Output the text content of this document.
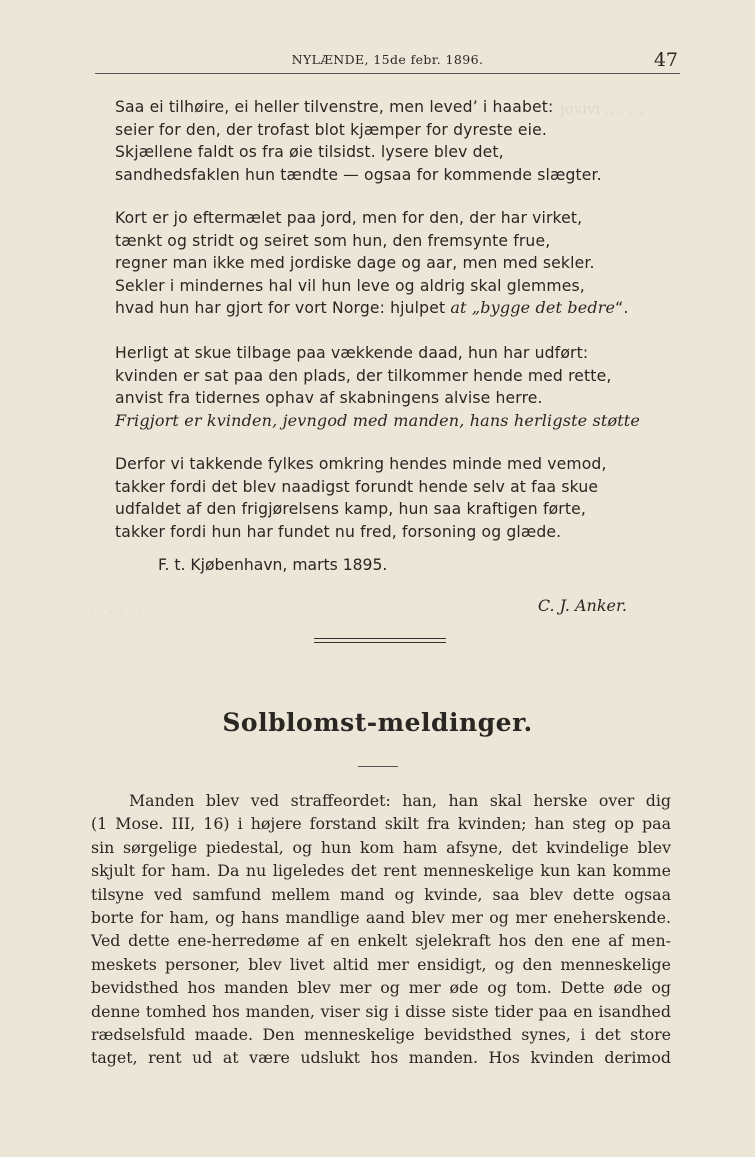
NYLÆNDE, 15de febr. 1896.	47
jovivi .. . . .
. . . . . . . .
Saa ei tilhøire, ei heller tilvenstre, men leved’ i haabet:
seier for den, der trofast blot kjæmper for dyreste eie.
Skjællene faldt os fra øie tilsidst. lysere blev det,
sandhedsfaklen hun tændte — ogsaa for kommende slægter.
Kort er jo eftermælet paa jord, men for den, der har virket,
tænkt og stridt og seiret som hun, den fremsynte frue,
regner man ikke med jordiske dage og aar, men med sekler.
Sekler i mindernes hal vil hun leve og aldrig skal glemmes,
hvad hun har gjort for vort Norge: hjulpet at „bygge det bedre“.
Herligt at skue tilbage paa vækkende daad, hun har udført:
kvinden er sat paa den plads, der tilkommer hende med rette,
anvist fra tidernes ophav af skabningens alvise herre.
Frigjort er kvinden, jevngod med manden, hans herligste støtte
Derfor vi takkende fylkes omkring hendes minde med vemod,
takker fordi det blev naadigst forundt hende selv at faa skue
udfaldet af den frigjørelsens kamp, hun saa kraftigen førte,
takker fordi hun har fundet nu fred, forsoning og glæde.
F. t. Kjøbenhavn, marts 1895.
C. J. Anker.
Solblomst-meldinger.
Manden blev ved straffeordet: han, han skal herske over dig
(1 Mose. III, 16) i højere forstand skilt fra kvinden; han steg op paa
sin sørgelige piedestal, og hun kom ham afsyne, det kvindelige blev
skjult for ham. Da nu ligeledes det rent menneskelige kun kan komme
tilsyne ved samfund mellem mand og kvinde, saa blev dette ogsaa
borte for ham, og hans mandlige aand blev mer og mer eneherskende.
Ved dette ene-herredøme af en enkelt sjelekraft hos den ene af men-
meskets personer, blev livet altid mer ensidigt, og den menneskelige
bevidsthed hos manden blev mer og mer øde og tom. Dette øde og
denne tomhed hos manden, viser sig i disse siste tider paa en isandhed
rædselsfuld maade. Den menneskelige bevidsthed synes, i det store
taget, rent ud at være udslukt hos manden. Hos kvinden derimod
